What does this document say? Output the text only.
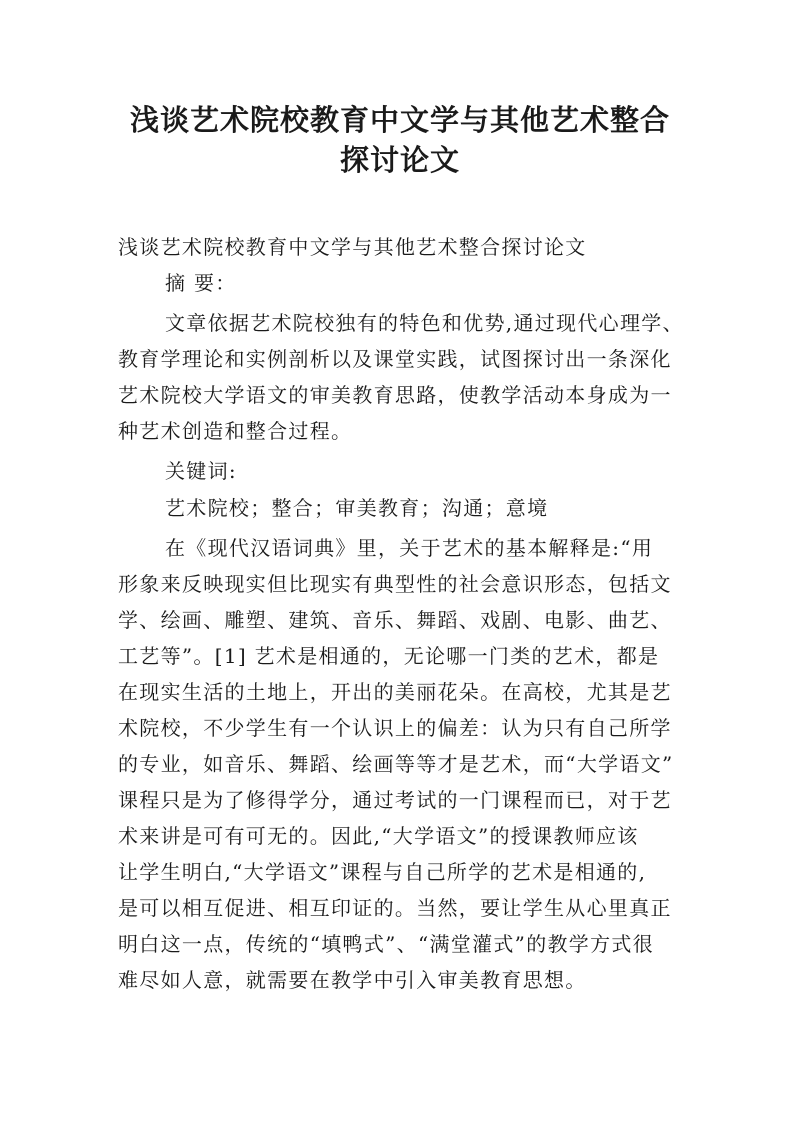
浅谈艺术院校教育中文学与其他艺术整合
探讨论文
浅谈艺术院校教育中文学与其他艺术整合探讨论文
摘 要：
文章依据艺术院校独有的特色和优势,通过现代心理学、
教育学理论和实例剖析以及课堂实践，试图探讨出一条深化
艺术院校大学语文的审美教育思路，使教学活动本身成为一
种艺术创造和整合过程。
关键词:
艺术院校；整合；审美教育；沟通；意境
在《现代汉语词典》里，关于艺术的基本解释是:“用
形象来反映现实但比现实有典型性的社会意识形态，包括文
学、绘画、雕塑、建筑、音乐、舞蹈、戏剧、电影、曲艺、
工艺等”。[1] 艺术是相通的，无论哪一门类的艺术，都是
在现实生活的土地上，开出的美丽花朵。在高校，尤其是艺
术院校，不少学生有一个认识上的偏差：认为只有自己所学
的专业，如音乐、舞蹈、绘画等等才是艺术，而“大学语文”
课程只是为了修得学分，通过考试的一门课程而已，对于艺
术来讲是可有可无的。因此,“大学语文”的授课教师应该
让学生明白,“大学语文”课程与自己所学的艺术是相通的,
是可以相互促进、相互印证的。当然，要让学生从心里真正
明白这一点，传统的“填鸭式”、“满堂灌式”的教学方式很
难尽如人意，就需要在教学中引入审美教育思想。
